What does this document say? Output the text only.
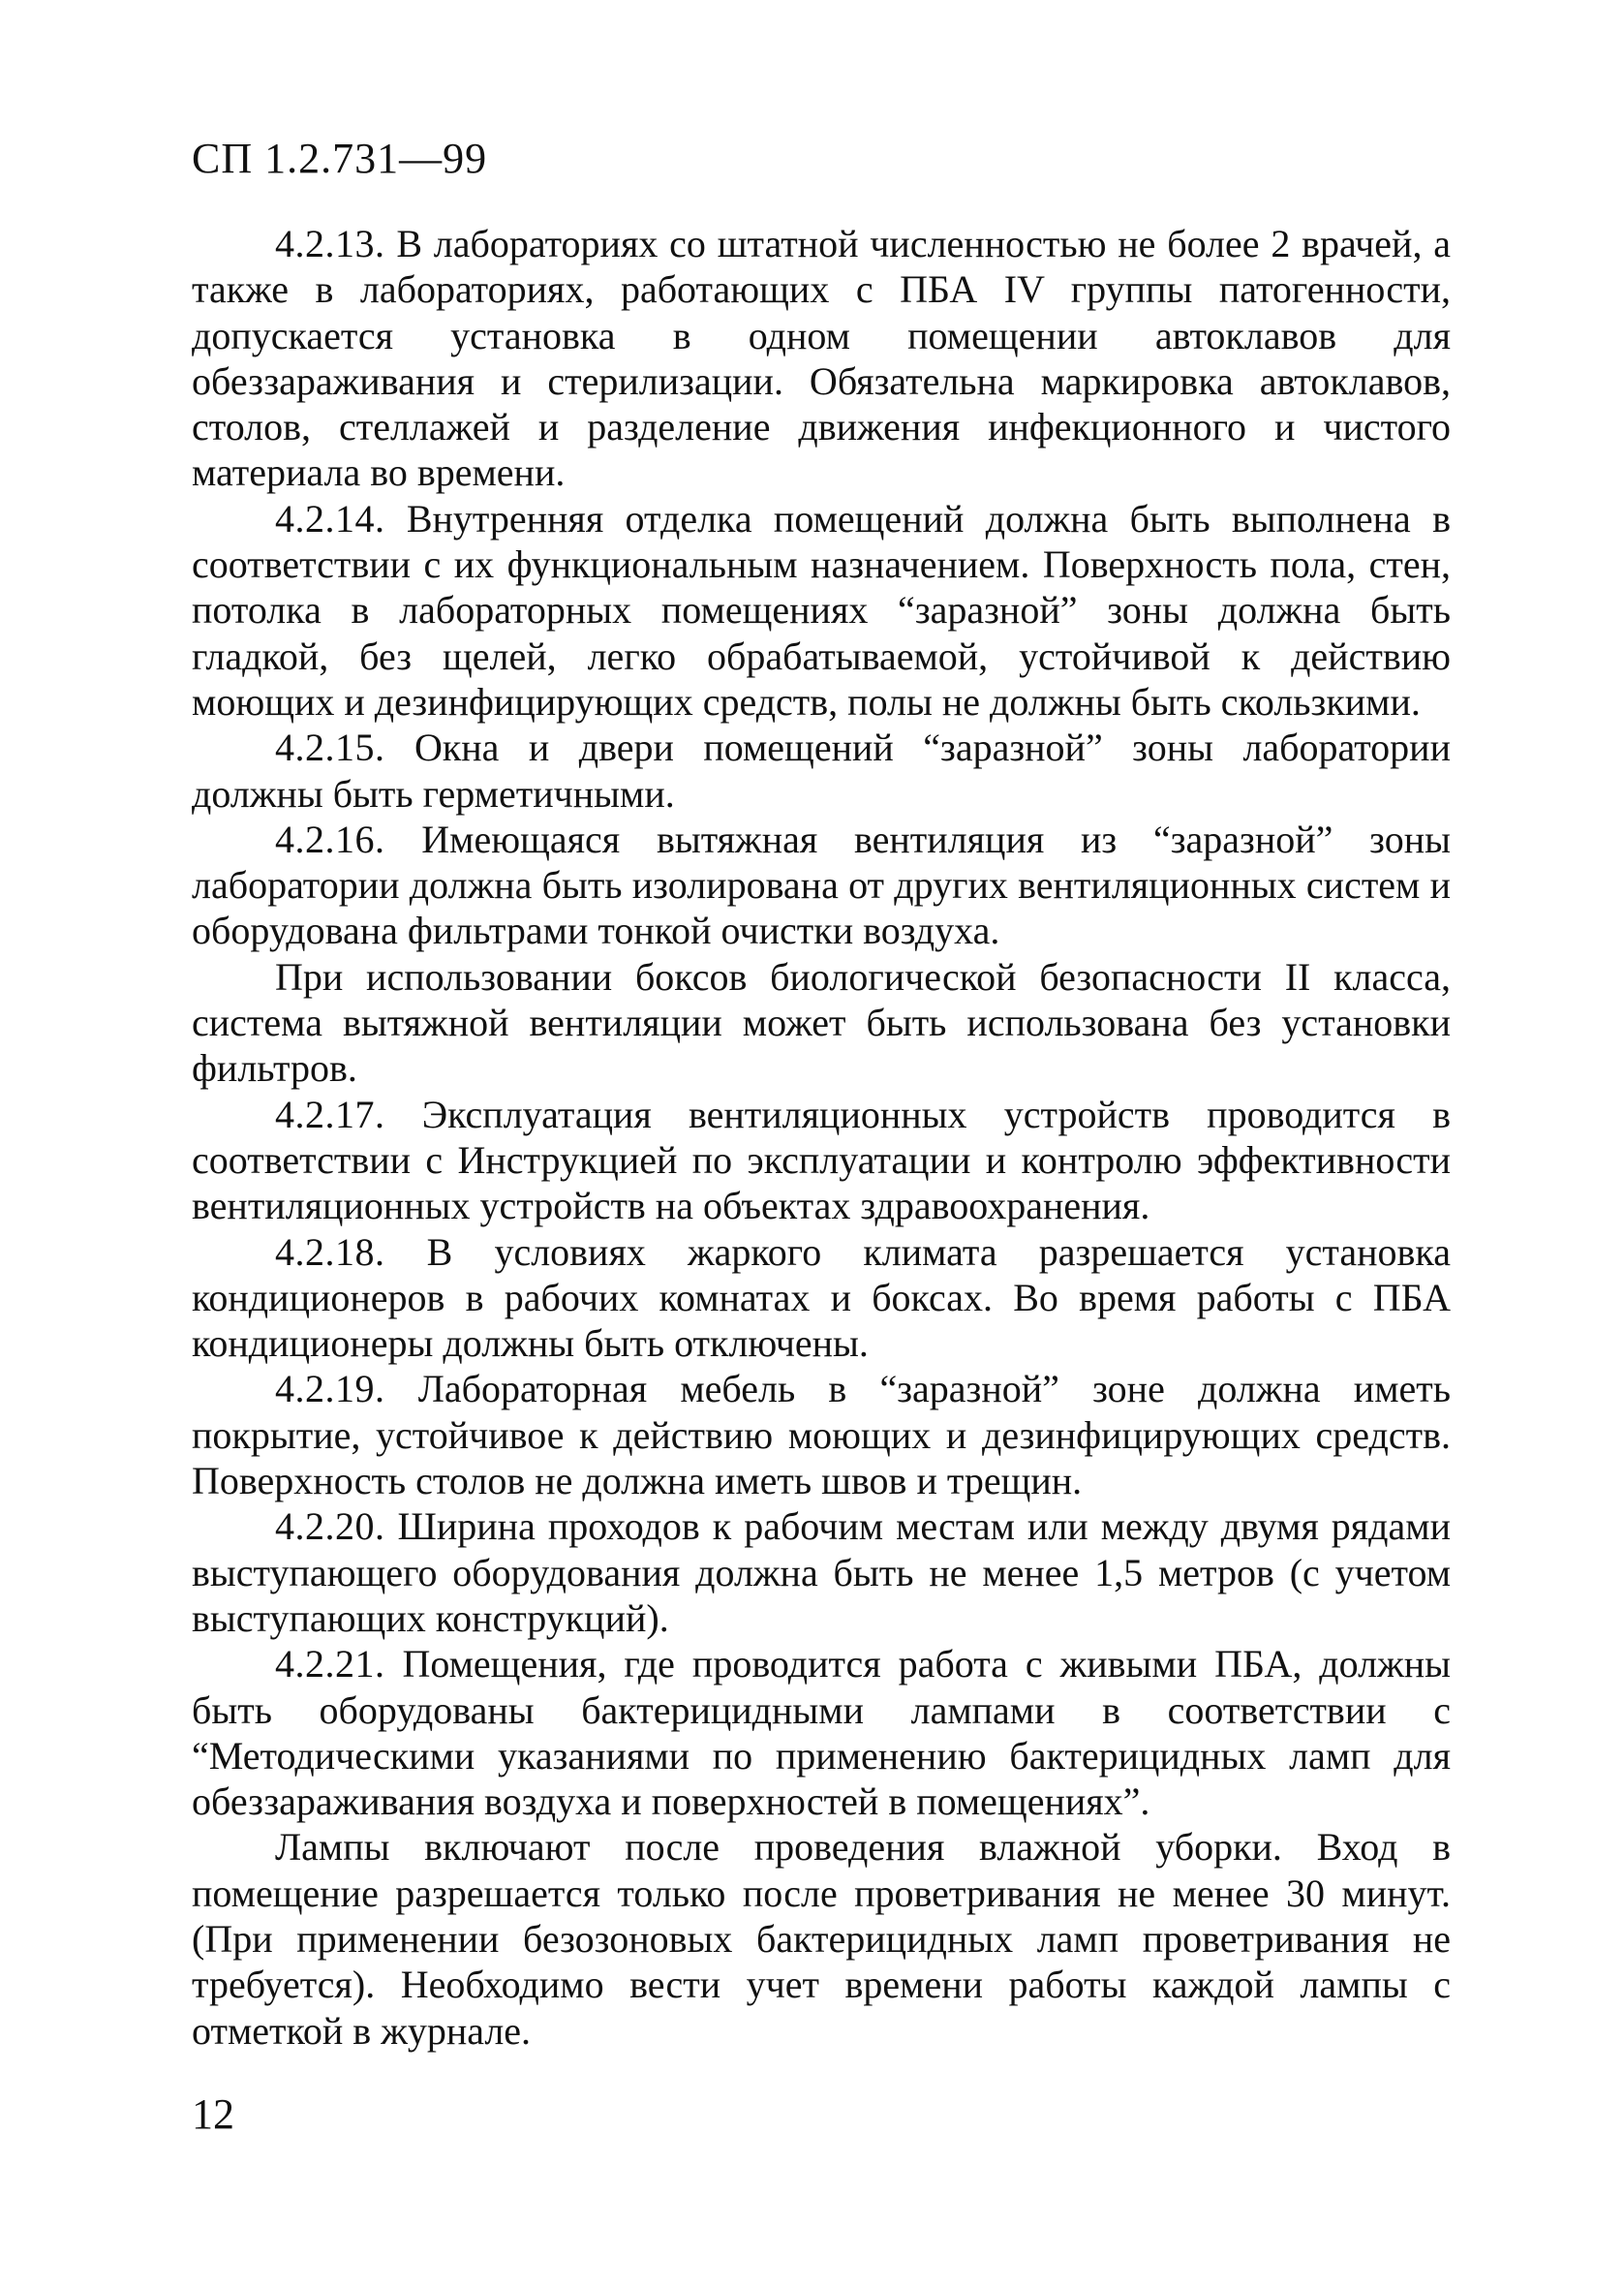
СП 1.2.731—99

4.2.13. В лабораториях со штатной численностью не более 2 врачей, а также в лабораториях, работающих с ПБА IV группы патогенности, допускается установка в одном помещении автоклавов для обеззараживания и стерилизации. Обязательна маркировка автоклавов, столов, стеллажей и разделение движения инфекционного и чистого материала во времени.

4.2.14. Внутренняя отделка помещений должна быть выполнена в соответствии с их функциональным назначением. Поверхность пола, стен, потолка в лабораторных помещениях “заразной” зоны должна быть гладкой, без щелей, легко обрабатываемой, устойчивой к действию моющих и дезинфицирующих средств, полы не должны быть скользкими.

4.2.15. Окна и двери помещений “заразной” зоны лаборатории должны быть герметичными.

4.2.16. Имеющаяся вытяжная вентиляция из “заразной” зоны лаборатории должна быть изолирована от других вентиляционных систем и оборудована фильтрами тонкой очистки воздуха.

При использовании боксов биологической безопасности II класса, система вытяжной вентиляции может быть использована без установки фильтров.

4.2.17. Эксплуатация вентиляционных устройств проводится в соответствии с Инструкцией по эксплуатации и контролю эффективности вентиляционных устройств на объектах здравоохранения.

4.2.18. В условиях жаркого климата разрешается установка кондиционеров в рабочих комнатах и боксах. Во время работы с ПБА кондиционеры должны быть отключены.

4.2.19. Лабораторная мебель в “заразной” зоне должна иметь покрытие, устойчивое к действию моющих и дезинфицирующих средств. Поверхность столов не должна иметь швов и трещин.

4.2.20. Ширина проходов к рабочим местам или между двумя рядами выступающего оборудования должна быть не менее 1,5 метров (с учетом выступающих конструкций).

4.2.21. Помещения, где проводится работа с живыми ПБА, должны быть оборудованы бактерицидными лампами в соответствии с “Методическими указаниями по применению бактерицидных ламп для обеззараживания воздуха и поверхностей в помещениях”.

Лампы включают после проведения влажной уборки. Вход в помещение разрешается только после проветривания не менее 30 минут. (При применении безозоновых бактерицидных ламп проветривания не требуется). Необходимо вести учет времени работы каждой лампы с отметкой в журнале.

12
